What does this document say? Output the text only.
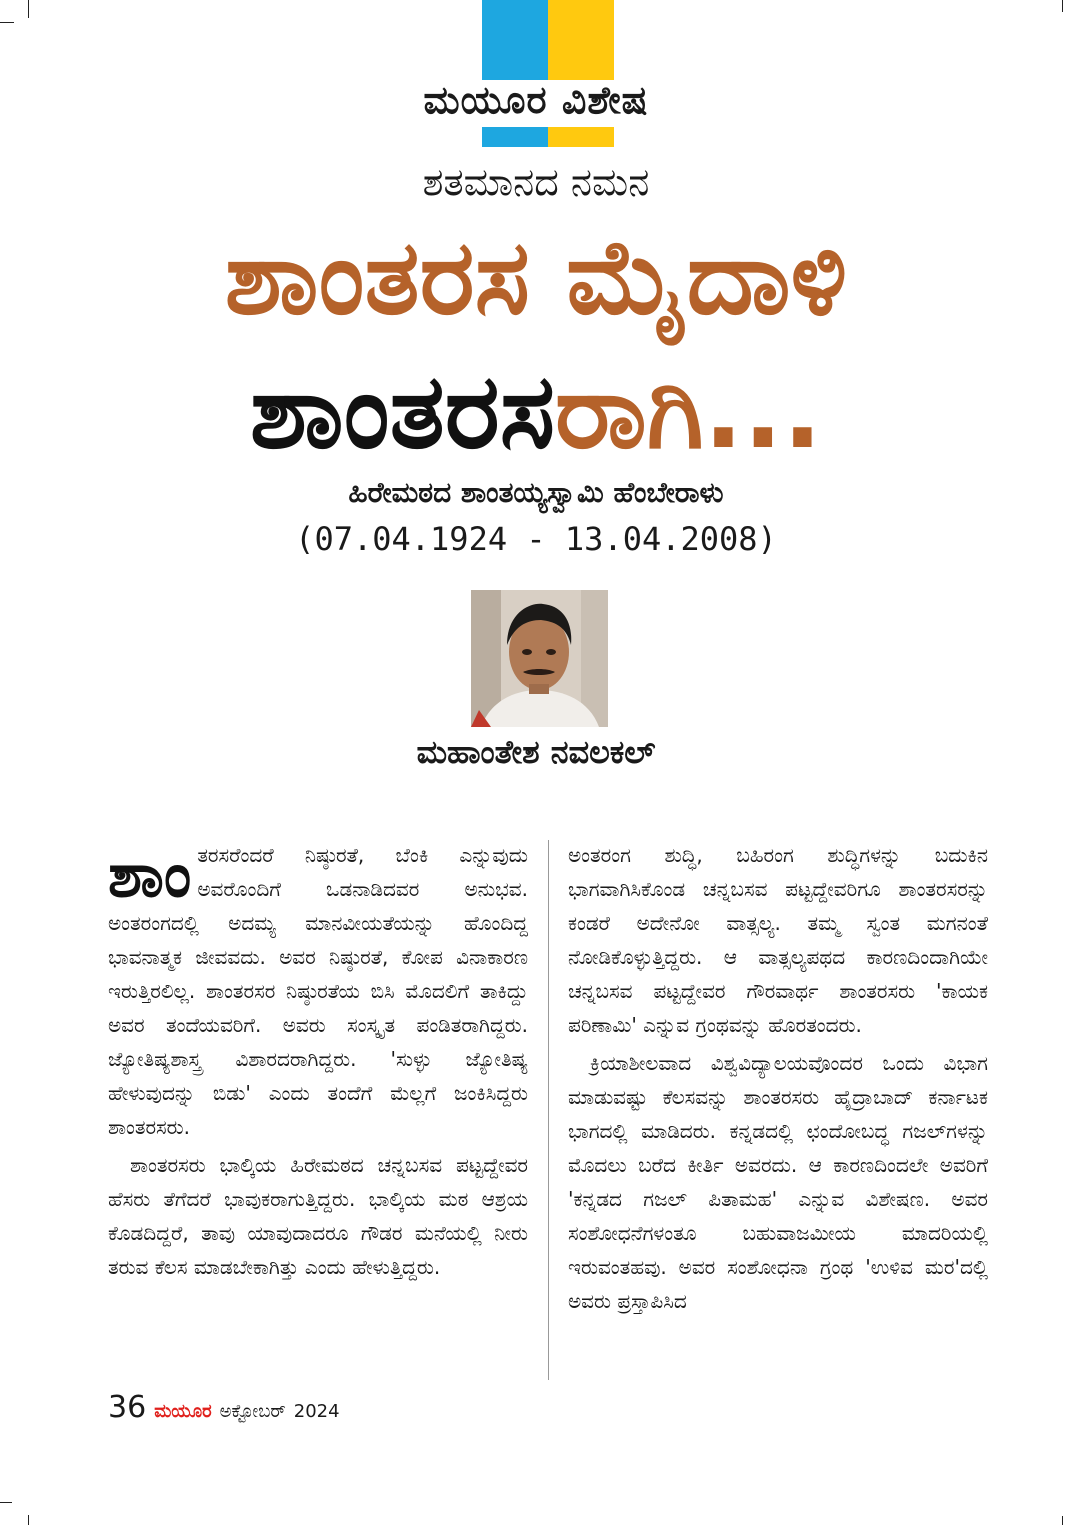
ಮಯೂರ ವಿಶೇಷ
ಶತಮಾನದ ನಮನ
ಶಾಂತರಸ ಮೈದಾಳಿ
ಶಾಂತರಸರಾಗಿ...
ಹಿರೇಮಠದ ಶಾಂತಯ್ಯಸ್ವಾಮಿ ಹೆಂಬೇರಾಳು
(07.04.1924 - 13.04.2008)
ಮಹಾಂತೇಶ ನವಲಕಲ್

ಶಾಂತರಸರೆಂದರೆ ನಿಷ್ಠುರತೆ, ಬೆಂಕಿ ಎನ್ನುವುದು ಅವರೊಂದಿಗೆ ಒಡನಾಡಿದವರ ಅನುಭವ. ಅಂತರಂಗದಲ್ಲಿ ಅದಮ್ಯ ಮಾನವೀಯತೆಯನ್ನು ಹೊಂದಿದ್ದ ಭಾವನಾತ್ಮಕ ಜೀವವದು. ಅವರ ನಿಷ್ಠುರತೆ, ಕೋಪ ವಿನಾಕಾರಣ ಇರುತ್ತಿರಲಿಲ್ಲ. ಶಾಂತರಸರ ನಿಷ್ಠುರತೆಯ ಬಿಸಿ ಮೊದಲಿಗೆ ತಾಕಿದ್ದು ಅವರ ತಂದೆಯವರಿಗೆ. ಅವರು ಸಂಸ್ಕೃತ ಪಂಡಿತರಾಗಿದ್ದರು. ಜ್ಯೋತಿಷ್ಯಶಾಸ್ತ್ರ ವಿಶಾರದರಾಗಿದ್ದರು. 'ಸುಳ್ಳು ಜ್ಯೋತಿಷ್ಯ ಹೇಳುವುದನ್ನು ಬಿಡು' ಎಂದು ತಂದೆಗೆ ಮೆಲ್ಲಗೆ ಜಂಕಿಸಿದ್ದರು ಶಾಂತರಸರು.

ಶಾಂತರಸರು ಭಾಲ್ಕಿಯ ಹಿರೇಮಠದ ಚನ್ನಬಸವ ಪಟ್ಟದ್ದೇವರ ಹೆಸರು ತೆಗೆದರೆ ಭಾವುಕರಾಗುತ್ತಿದ್ದರು. ಭಾಲ್ಕಿಯ ಮಠ ಆಶ್ರಯ ಕೊಡದಿದ್ದರೆ, ತಾವು ಯಾವುದಾದರೂ ಗೌಡರ ಮನೆಯಲ್ಲಿ ನೀರು ತರುವ ಕೆಲಸ ಮಾಡಬೇಕಾಗಿತ್ತು ಎಂದು ಹೇಳುತ್ತಿದ್ದರು.

ಅಂತರಂಗ ಶುದ್ಧಿ, ಬಹಿರಂಗ ಶುದ್ಧಿಗಳನ್ನು ಬದುಕಿನ ಭಾಗವಾಗಿಸಿಕೊಂಡ ಚನ್ನಬಸವ ಪಟ್ಟದ್ದೇವರಿಗೂ ಶಾಂತರಸರನ್ನು ಕಂಡರೆ ಅದೇನೋ ವಾತ್ಸಲ್ಯ. ತಮ್ಮ ಸ್ವಂತ ಮಗನಂತೆ ನೋಡಿಕೊಳ್ಳುತ್ತಿದ್ದರು. ಆ ವಾತ್ಸಲ್ಯಪಥದ ಕಾರಣದಿಂದಾಗಿಯೇ ಚನ್ನಬಸವ ಪಟ್ಟದ್ದೇವರ ಗೌರವಾರ್ಥ ಶಾಂತರಸರು 'ಕಾಯಕ ಪರಿಣಾಮಿ' ಎನ್ನುವ ಗ್ರಂಥವನ್ನು ಹೊರತಂದರು.

ಕ್ರಿಯಾಶೀಲವಾದ ವಿಶ್ವವಿದ್ಯಾಲಯವೊಂದರ ಒಂದು ವಿಭಾಗ ಮಾಡುವಷ್ಟು ಕೆಲಸವನ್ನು ಶಾಂತರಸರು ಹೈದ್ರಾಬಾದ್ ಕರ್ನಾಟಕ ಭಾಗದಲ್ಲಿ ಮಾಡಿದರು. ಕನ್ನಡದಲ್ಲಿ ಛಂದೋಬದ್ಧ ಗಜಲ್‌ಗಳನ್ನು ಮೊದಲು ಬರೆದ ಕೀರ್ತಿ ಅವರದು. ಆ ಕಾರಣದಿಂದಲೇ ಅವರಿಗೆ 'ಕನ್ನಡದ ಗಜಲ್ ಪಿತಾಮಹ' ಎನ್ನುವ ವಿಶೇಷಣ. ಅವರ ಸಂಶೋಧನೆಗಳಂತೂ ಬಹುವಾಜಮೀಯ ಮಾದರಿಯಲ್ಲಿ ಇರುವಂತಹವು. ಅವರ ಸಂಶೋಧನಾ ಗ್ರಂಥ 'ಉಳಿವ ಮರ'ದಲ್ಲಿ ಅವರು ಪ್ರಸ್ತಾಪಿಸಿದ

36 ಮಯೂರ ಅಕ್ಟೋಬರ್ 2024
